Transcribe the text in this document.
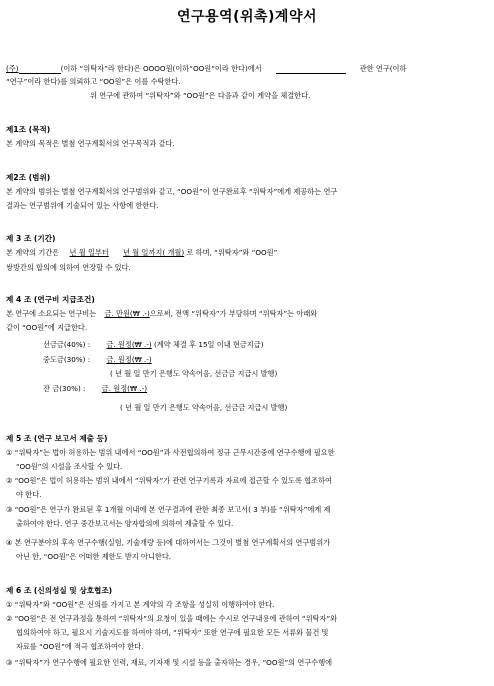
연구용역(위촉)계약서
(주)	(이하 “위탁자”라 한다)은 OOOO원(이하“OO원”이라 한다)에서	관한 연구(이하
“연구”이라 한다)를 의뢰하고 “OO원”은 이를 수탁한다.
위 연구에 관하여 “위탁자”와 “OO원”은 다음과 같이 계약을 체결한다.
제1조 (목적)
본 계약의 목적은 별첨 연구계획서의 연구목적과 같다.
제2조 (범위)
본 계약의 범위는 별첨 연구계획서의 연구범위와 같고, “OO원”이 연구완료후 “위탁자”에게 제공하는 연구
결과는 연구범위에 기술되어 있는 사항에 한한다.
제 3 조 (기간)
본 계약의 기간은 년 월 일부터 년 월 일까지( 개월) 로 하며, “위탁자”와 “OO원”
쌍방간의 합의에 의하여 연장할 수 있다.
제 4 조 (연구비 지급조건)
본 연구에 소요되는 연구비는 금. 만원(₩ .-)으로써, 전액 “위탁자”가 부담하며 “위탁자”는 아래와
같이 “OO원”에 지급한다.
선금금(40%) : 금. 원정(₩ .-) (계약 체결 후 15일 이내 현금지급)
중도금(30%) : 금. 원정(₩ .-)
( 년 월 일 만기 은행도 약속어음, 선금금 지급시 발행)
잔 금(30%) : 금. 원정(₩ .-)
( 년 월 일 만기 은행도 약속어음, 선금금 지급시 발행)
제 5 조 (연구 보고서 제출 등)
① “위탁자”는 법이 허용하는 범위 내에서 “OO원”과 사전협의하여 정규 근무시간중에 연구수행에 필요한
“OO원”의 시설을 조사할 수 있다.
② “OO원”은 법이 허용하는 범위 내에서 “위탁자”가 관련 연구기록과 자료에 접근할 수 있도록 협조하여
야 한다.
③ “OO원”은 연구가 완료된 후 1개월 이내에 본 연구결과에 관한 최종 보고서( 3 부)를 “위탁자”에게 제
출하여야 한다. 연구 중간보고서는 양자합의에 의하여 제출할 수 있다.
④ 본 연구분야의 후속 연구수행(실험, 기술개량 등)에 대하여서는 그것이 별첨 연구계획서의 연구범위가
아닌 한, “OO원”은 어떠한 제한도 받지 아니한다.
제 6 조 (신의성실 및 상호협조)
① “위탁자”와 “OO원”은 신의를 가지고 본 계약의 각 조항을 성실히 이행하여야 한다.
② “OO원”은 전 연구과정을 통하여 “위탁자”의 요청이 있을 때에는 수시로 연구내용에 관하여 “위탁자”와
협의하여야 하고, 필요시 기술지도를 하여야 하며, “위탁자” 또한 연구에 필요한 모든 서류와 물건 및
자료를 “OO원”에 적극 협조하여야 한다.
③ “위탁자”가 연구수행에 필요한 인력, 재료, 기자재 및 시설 등을 출자하는 경우, “OO원”의 연구수행에
